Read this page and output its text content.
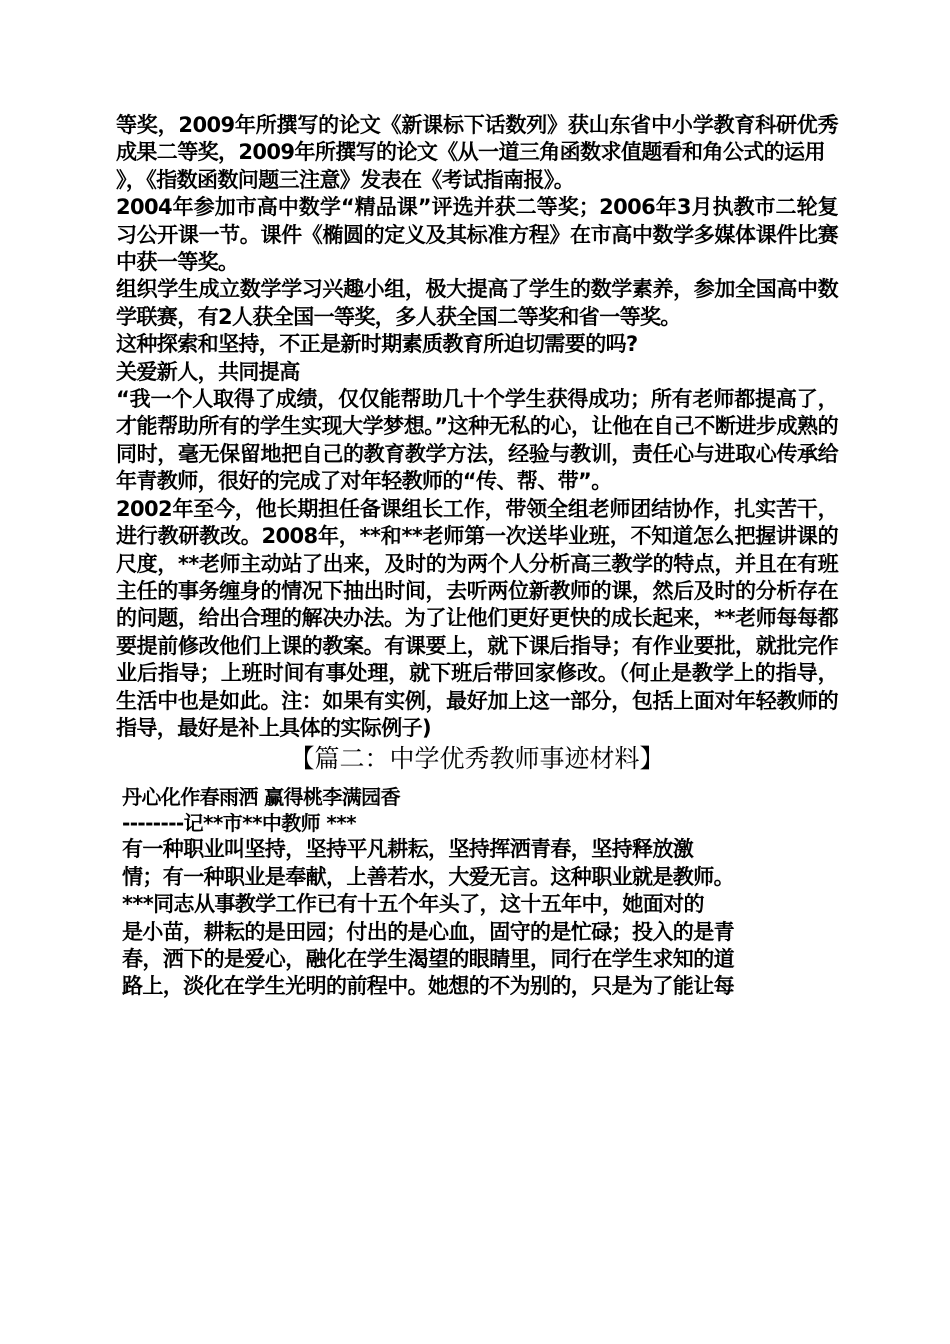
等奖，2009年所撰写的论文《新课标下话数列》获山东省中小学教育科研优秀成果二等奖，2009年所撰写的论文《从一道三角函数求值题看和角公式的运用

》，《指数函数问题三注意》发表在《考试指南报》。

2004年参加市高中数学“精品课”评选并获二等奖；2006年3月执教市二轮复习公开课一节。课件《椭圆的定义及其标准方程》在市高中数学多媒体课件比赛中获一等奖。

组织学生成立数学学习兴趣小组，极大提高了学生的数学素养，参加全国高中数学联赛，有2人获全国一等奖，多人获全国二等奖和省一等奖。

这种探索和坚持，不正是新时期素质教育所迫切需要的吗?

关爱新人，共同提高

“我一个人取得了成绩，仅仅能帮助几十个学生获得成功；所有老师都提高了，才能帮助所有的学生实现大学梦想。”这种无私的心，让他在自己不断进步成熟的同时，毫无保留地把自己的教育教学方法，经验与教训，责任心与进取心传承给年青教师，很好的完成了对年轻教师的“传、帮、带”。

2002年至今，他长期担任备课组长工作，带领全组老师团结协作，扎实苦干，进行教研教改。2008年，**和**老师第一次送毕业班，不知道怎么把握讲课的尺度，**老师主动站了出来，及时的为两个人分析高三教学的特点，并且在有班主任的事务缠身的情况下抽出时间，去听两位新教师的课，然后及时的分析存在的问题，给出合理的解决办法。为了让他们更好更快的成长起来，**老师每每都要提前修改他们上课的教案。有课要上，就下课后指导；有作业要批，就批完作业后指导；上班时间有事处理，就下班后带回家修改。（何止是教学上的指导，生活中也是如此。注：如果有实例，最好加上这一部分，包括上面对年轻教师的指导，最好是补上具体的实际例子)

【篇二：中学优秀教师事迹材料】

丹心化作春雨洒 赢得桃李满园香

--------记**市**中教师 ***

有一种职业叫坚持，坚持平凡耕耘，坚持挥洒青春，坚持释放激

情；有一种职业是奉献，上善若水，大爱无言。这种职业就是教师。

***同志从事教学工作已有十五个年头了，这十五年中，她面对的

是小苗，耕耘的是田园；付出的是心血，固守的是忙碌；投入的是青

春，洒下的是爱心，融化在学生渴望的眼睛里，同行在学生求知的道

路上，淡化在学生光明的前程中。她想的不为别的，只是为了能让每
